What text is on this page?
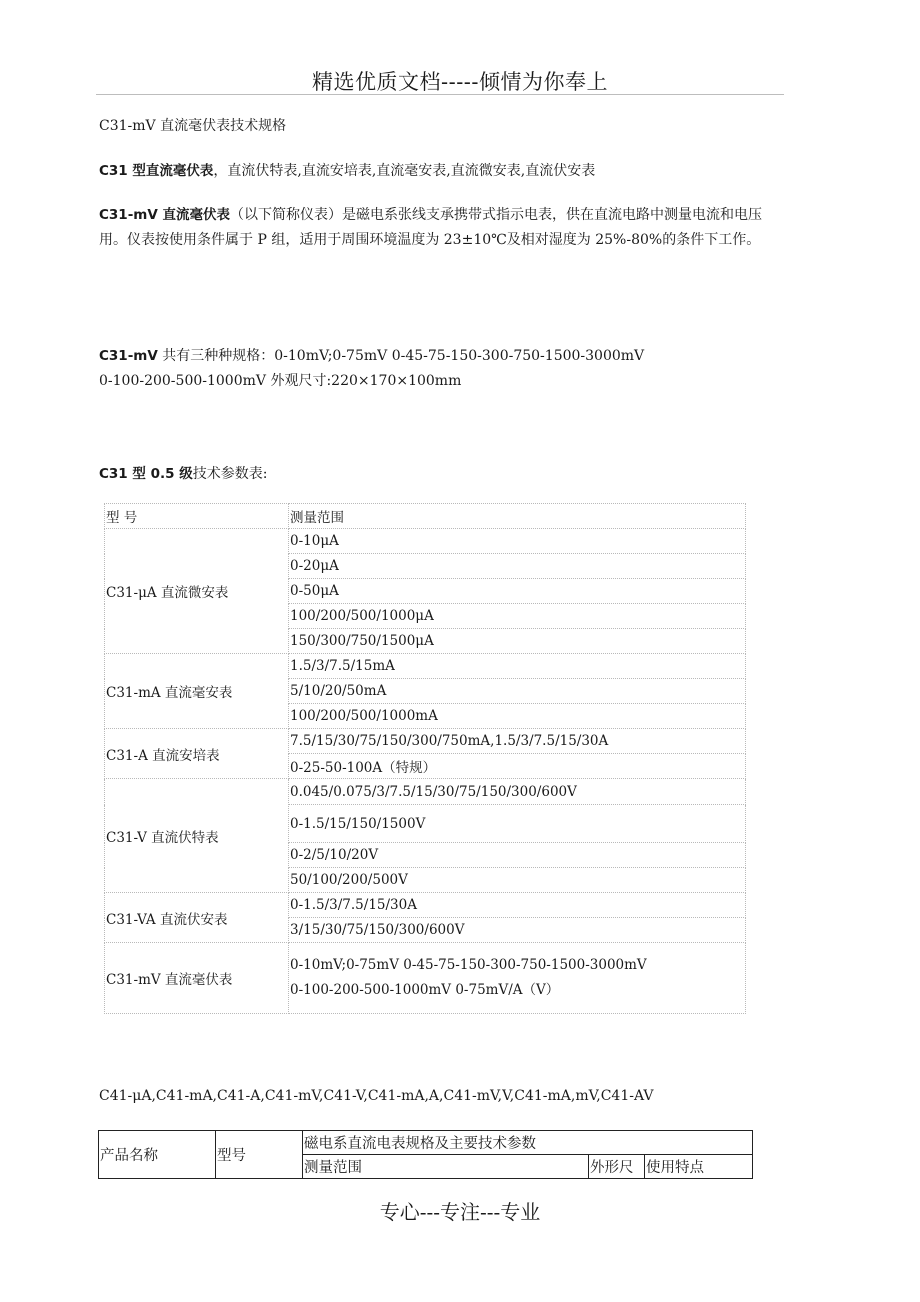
精选优质文档-----倾情为你奉上
C31-mV 直流毫伏表技术规格
C31 型直流毫伏表，直流伏特表,直流安培表,直流毫安表,直流微安表,直流伏安表
C31-mV 直流毫伏表（以下简称仪表）是磁电系张线支承携带式指示电表，供在直流电路中测量电流和电压用。仪表按使用条件属于 P 组，适用于周围环境温度为 23±10℃及相对湿度为 25%-80%的条件下工作。
C31-mV 共有三种种规格：0-10mV;0-75mV 0-45-75-150-300-750-1500-3000mV
0-100-200-500-1000mV 外观尺寸:220×170×100mm
C31 型 0.5 级技术参数表:
型 号	测量范围
C31-μA 直流微安表	0-10μA
	0-20μA
	0-50μA
	100/200/500/1000μA
	150/300/750/1500μA
C31-mA 直流毫安表	1.5/3/7.5/15mA
	5/10/20/50mA
	100/200/500/1000mA
C31-A 直流安培表	7.5/15/30/75/150/300/750mA,1.5/3/7.5/15/30A
	0-25-50-100A（特规）
C31-V 直流伏特表	0.045/0.075/3/7.5/15/30/75/150/300/600V
	0-1.5/15/150/1500V
	0-2/5/10/20V
	50/100/200/500V
C31-VA 直流伏安表	0-1.5/3/7.5/15/30A
	3/15/30/75/150/300/600V
C31-mV 直流毫伏表	0-10mV;0-75mV 0-45-75-150-300-750-1500-3000mV
0-100-200-500-1000mV 0-75mV/A（V）
C41-μA,C41-mA,C41-A,C41-mV,C41-V,C41-mA,A,C41-mV,V,C41-mA,mV,C41-AV
产品名称	型号	磁电系直流电表规格及主要技术参数		
		测量范围	外形尺	使用特点
专心---专注---专业
